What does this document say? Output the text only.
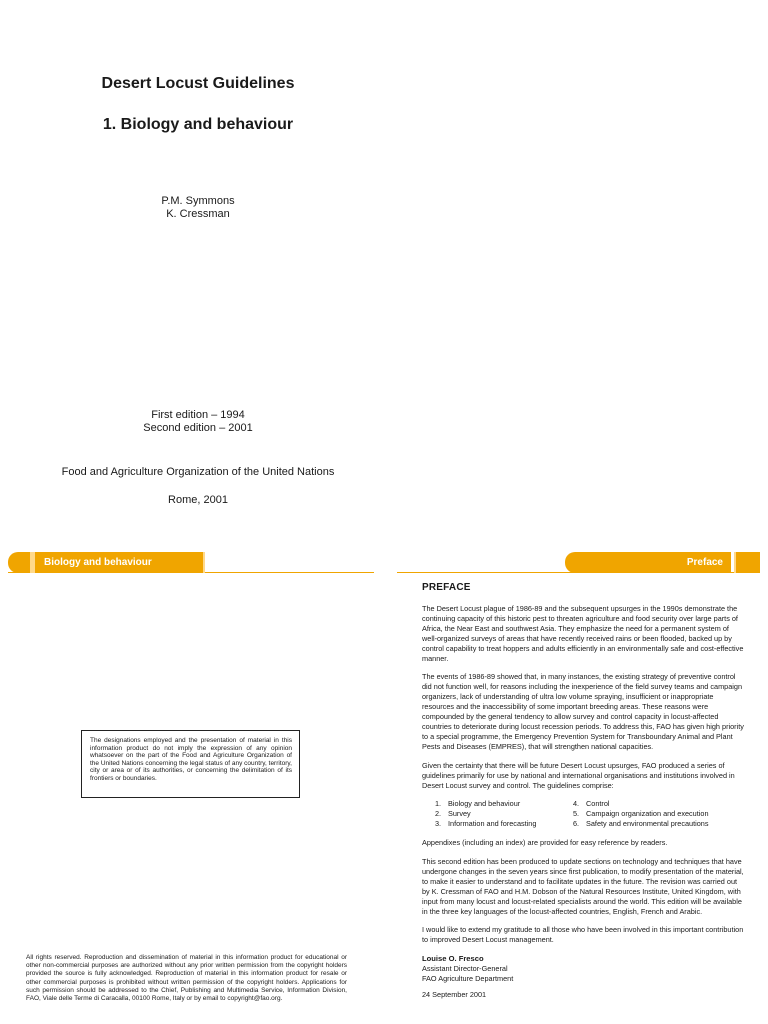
Desert Locust Guidelines
1. Biology and behaviour
P.M. Symmons
K. Cressman
First edition – 1994
Second edition – 2001
Food and Agriculture Organization of the United Nations
Rome, 2001
Biology and behaviour	Preface
The designations employed and the presentation of material in this information product do not imply the expression of any opinion whatsoever on the part of the Food and Agriculture Organization of the United Nations concerning the legal status of any country, territory, city or area or of its authorities, or concerning the delimitation of its frontiers or boundaries.
All rights reserved. Reproduction and dissemination of material in this information product for educational or other non-commercial purposes are authorized without any prior written permission from the copyright holders provided the source is fully acknowledged. Reproduction of material in this information product for resale or other commercial purposes is prohibited without written permission of the copyright holders. Applications for such permission should be addressed to the Chief, Publishing and Multimedia Service, Information Division, FAO, Viale delle Terme di Caracalla, 00100 Rome, Italy or by email to copyright@fao.org.
PREFACE

The Desert Locust plague of 1986-89 and the subsequent upsurges in the 1990s demonstrate the continuing capacity of this historic pest to threaten agriculture and food security over large parts of Africa, the Near East and southwest Asia. They emphasize the need for a permanent system of well-organized surveys of areas that have recently received rains or been flooded, backed up by control capability to treat hoppers and adults efficiently in an environmentally safe and cost-effective manner.

The events of 1986-89 showed that, in many instances, the existing strategy of preventive control did not function well, for reasons including the inexperience of the field survey teams and campaign organizers, lack of understanding of ultra low volume spraying, insufficient or inappropriate resources and the inaccessibility of some important breeding areas. These reasons were compounded by the general tendency to allow survey and control capacity in locust-affected countries to deteriorate during locust recession periods. To address this, FAO has given high priority to a special programme, the Emergency Prevention System for Transboundary Animal and Plant Pests and Diseases (EMPRES), that will strengthen national capacities.

Given the certainty that there will be future Desert Locust upsurges, FAO produced a series of guidelines primarily for use by national and international organisations and institutions involved in Desert Locust survey and control. The guidelines comprise:

1. Biology and behaviour
2. Survey
3. Information and forecasting
4. Control
5. Campaign organization and execution
6. Safety and environmental precautions

Appendixes (including an index) are provided for easy reference by readers.

This second edition has been produced to update sections on technology and techniques that have undergone changes in the seven years since first publication, to modify presentation of the material, to make it easier to understand and to facilitate updates in the future. The revision was carried out by K. Cressman of FAO and H.M. Dobson of the Natural Resources Institute, United Kingdom, with input from many locust and locust-related specialists around the world. This edition will be available in the three key languages of the locust-affected countries, English, French and Arabic.

I would like to extend my gratitude to all those who have been involved in this important contribution to improved Desert Locust management.

Louise O. Fresco
Assistant Director-General
FAO Agriculture Department
24 September 2001
